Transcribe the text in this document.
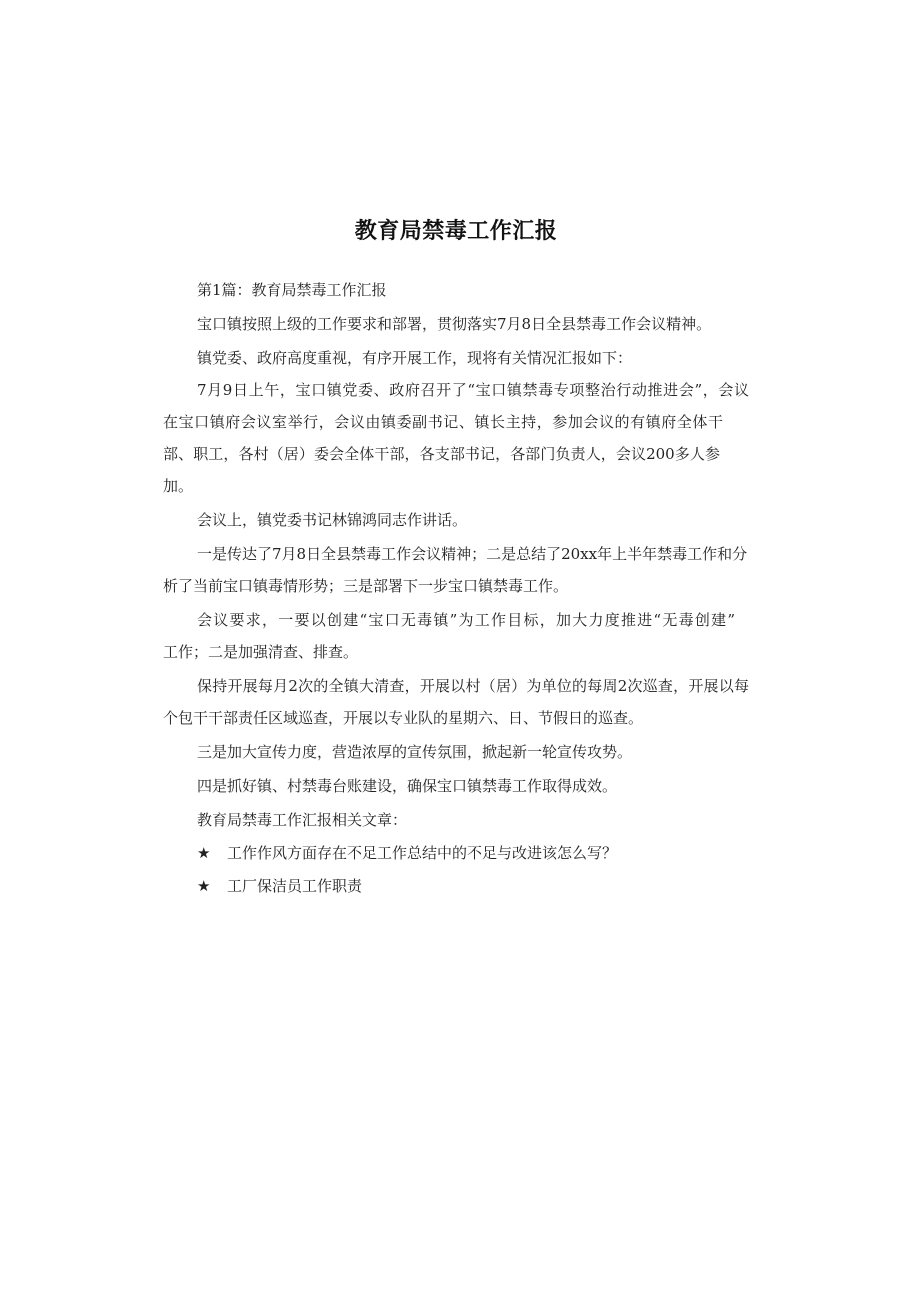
教育局禁毒工作汇报
第1篇：教育局禁毒工作汇报
宝口镇按照上级的工作要求和部署，贯彻落实7月8日全县禁毒工作会议精神。
镇党委、政府高度重视，有序开展工作，现将有关情况汇报如下：
7月9日上午，宝口镇党委、政府召开了“宝口镇禁毒专项整治行动推进会”，会议
在宝口镇府会议室举行，会议由镇委副书记、镇长主持，参加会议的有镇府全体干
部、职工，各村（居）委会全体干部，各支部书记，各部门负责人，会议200多人参
加。
会议上，镇党委书记林锦鸿同志作讲话。
一是传达了7月8日全县禁毒工作会议精神；二是总结了20xx年上半年禁毒工作和分
析了当前宝口镇毒情形势；三是部署下一步宝口镇禁毒工作。
会议要求，一要以创建“宝口无毒镇”为工作目标，加大力度推进“无毒创建”
工作；二是加强清查、排查。
保持开展每月2次的全镇大清查，开展以村（居）为单位的每周2次巡查，开展以每
个包干干部责任区域巡查，开展以专业队的星期六、日、节假日的巡查。
三是加大宣传力度，营造浓厚的宣传氛围，掀起新一轮宣传攻势。
四是抓好镇、村禁毒台账建设，确保宝口镇禁毒工作取得成效。
教育局禁毒工作汇报相关文章：
★ 工作作风方面存在不足工作总结中的不足与改进该怎么写？
★ 工厂保洁员工作职责
